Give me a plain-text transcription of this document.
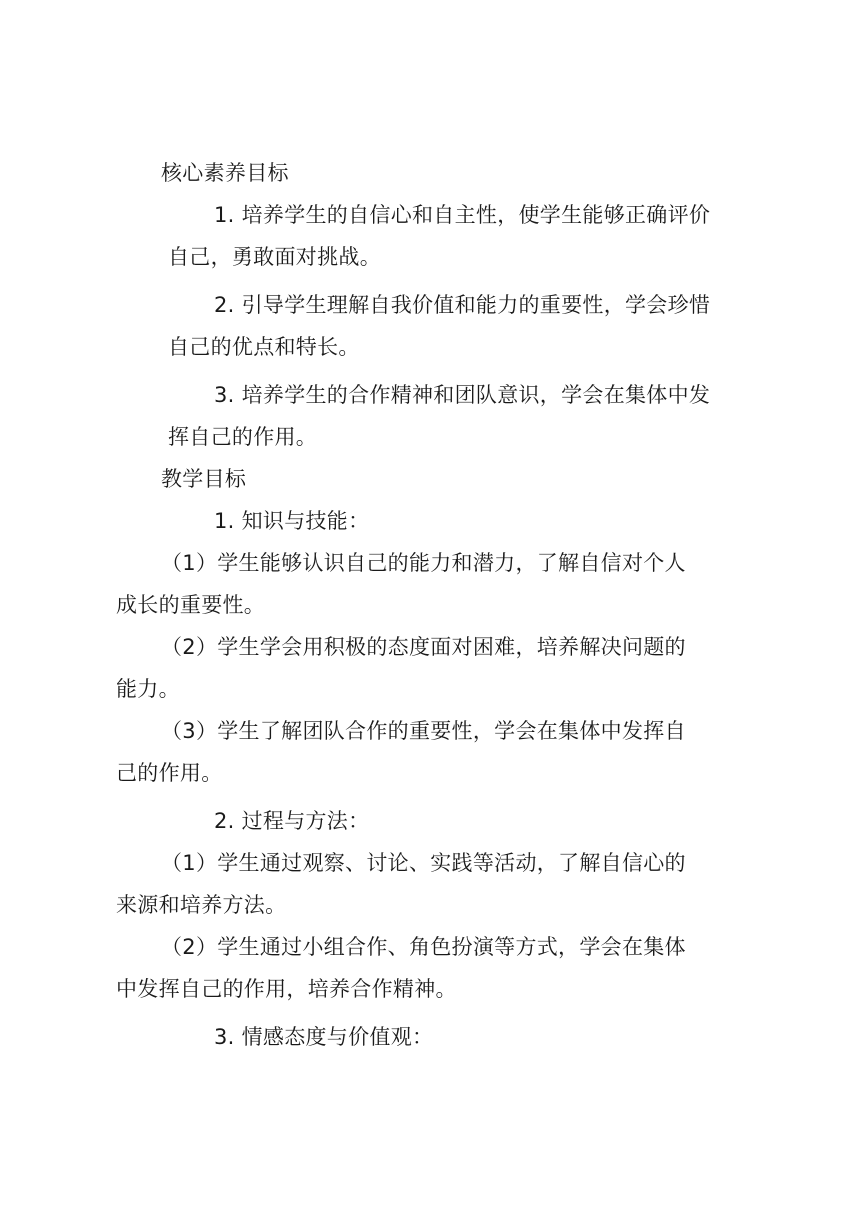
核心素养目标
1. 培养学生的自信心和自主性，使学生能够正确评价
自己，勇敢面对挑战。
2. 引导学生理解自我价值和能力的重要性，学会珍惜
自己的优点和特长。
3. 培养学生的合作精神和团队意识，学会在集体中发
挥自己的作用。
教学目标
1. 知识与技能：
（1）学生能够认识自己的能力和潜力，了解自信对个人
成长的重要性。
（2）学生学会用积极的态度面对困难，培养解决问题的
能力。
（3）学生了解团队合作的重要性，学会在集体中发挥自
己的作用。
2. 过程与方法：
（1）学生通过观察、讨论、实践等活动，了解自信心的
来源和培养方法。
（2）学生通过小组合作、角色扮演等方式，学会在集体
中发挥自己的作用，培养合作精神。
3. 情感态度与价值观：
